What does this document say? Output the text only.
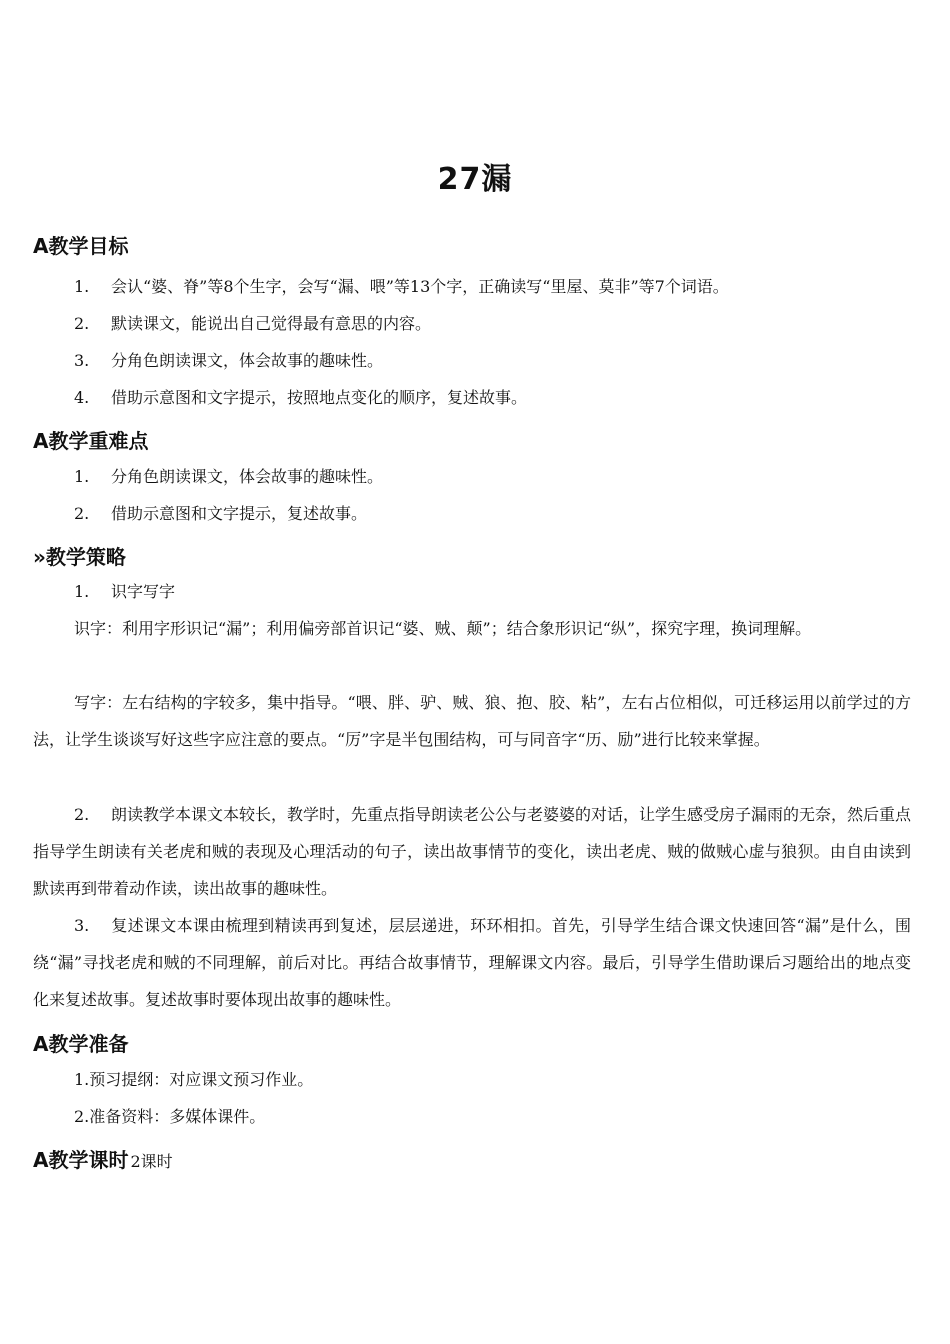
27漏
A教学目标
1. 会认“婆、脊”等8个生字，会写“漏、喂”等13个字，正确读写“里屋、莫非”等7个词语。
2. 默读课文，能说出自己觉得最有意思的内容。
3. 分角色朗读课文，体会故事的趣味性。
4. 借助示意图和文字提示，按照地点变化的顺序，复述故事。
A教学重难点
1. 分角色朗读课文，体会故事的趣味性。
2. 借助示意图和文字提示，复述故事。
»教学策略
1. 识字写字
识字：利用字形识记“漏”；利用偏旁部首识记“婆、贼、颠”；结合象形识记“纵”，探究字理，换词理解。
写字：左右结构的字较多，集中指导。“喂、胖、驴、贼、狼、抱、胶、粘”，左右占位相似，可迁移运用以前学过的方法，让学生谈谈写好这些字应注意的要点。“厉”字是半包围结构，可与同音字“历、励”进行比较来掌握。
2. 朗读教学本课文本较长，教学时，先重点指导朗读老公公与老婆婆的对话，让学生感受房子漏雨的无奈，然后重点指导学生朗读有关老虎和贼的表现及心理活动的句子，读出故事情节的变化，读出老虎、贼的做贼心虚与狼狈。由自由读到默读再到带着动作读，读出故事的趣味性。
3. 复述课文本课由梳理到精读再到复述，层层递进，环环相扣。首先，引导学生结合课文快速回答“漏”是什么，围绕“漏”寻找老虎和贼的不同理解，前后对比。再结合故事情节，理解课文内容。最后，引导学生借助课后习题给出的地点变化来复述故事。复述故事时要体现出故事的趣味性。
A教学准备
1.预习提纲：对应课文预习作业。
2.准备资料：多媒体课件。
A教学课时 2课时
